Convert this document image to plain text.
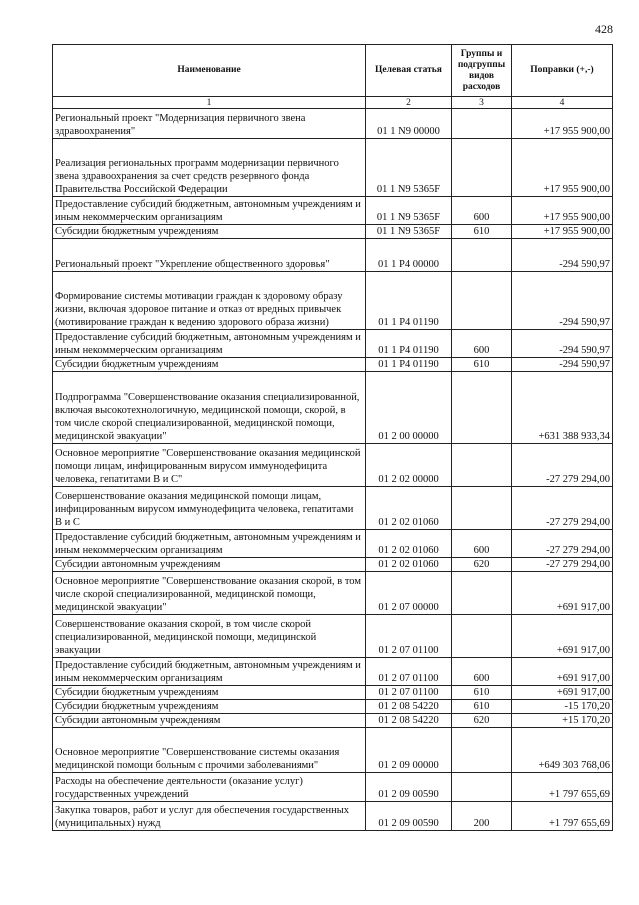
428
Наименование	Целевая статья	Группы и подгруппы видов расходов	Поправки (+,-)
1	2	3	4
Региональный проект "Модернизация первичного звена здравоохранения"	01 1 N9 00000		+17 955 900,00
Реализация региональных программ модернизации первичного звена здравоохранения за счет средств резервного фонда Правительства Российской Федерации	01 1 N9 5365F		+17 955 900,00
Предоставление субсидий бюджетным, автономным учреждениям и иным некоммерческим организациям	01 1 N9 5365F	600	+17 955 900,00
Субсидии бюджетным учреждениям	01 1 N9 5365F	610	+17 955 900,00
Региональный проект "Укрепление общественного здоровья"	01 1 P4 00000		-294 590,97
Формирование системы мотивации граждан к здоровому образу жизни, включая здоровое питание и отказ от вредных привычек (мотивирование граждан к ведению здорового образа жизни)	01 1 P4 01190		-294 590,97
Предоставление субсидий бюджетным, автономным учреждениям и иным некоммерческим организациям	01 1 P4 01190	600	-294 590,97
Субсидии бюджетным учреждениям	01 1 P4 01190	610	-294 590,97
Подпрограмма "Совершенствование оказания специализированной, включая высокотехнологичную, медицинской помощи, скорой, в том числе скорой специализированной, медицинской помощи, медицинской эвакуации"	01 2 00 00000		+631 388 933,34
Основное мероприятие "Совершенствование оказания медицинской помощи лицам, инфицированным вирусом иммунодефицита человека, гепатитами В и С"	01 2 02 00000		-27 279 294,00
Совершенствование оказания медицинской помощи лицам, инфицированным вирусом иммунодефицита человека, гепатитами В и С	01 2 02 01060		-27 279 294,00
Предоставление субсидий бюджетным, автономным учреждениям и иным некоммерческим организациям	01 2 02 01060	600	-27 279 294,00
Субсидии автономным учреждениям	01 2 02 01060	620	-27 279 294,00
Основное мероприятие "Совершенствование оказания скорой, в том числе скорой специализированной, медицинской помощи, медицинской эвакуации"	01 2 07 00000		+691 917,00
Совершенствование оказания скорой, в том числе скорой специализированной, медицинской помощи, медицинской эвакуации	01 2 07 01100		+691 917,00
Предоставление субсидий бюджетным, автономным учреждениям и иным некоммерческим организациям	01 2 07 01100	600	+691 917,00
Субсидии бюджетным учреждениям	01 2 07 01100	610	+691 917,00
Субсидии бюджетным учреждениям	01 2 08 54220	610	-15 170,20
Субсидии автономным учреждениям	01 2 08 54220	620	+15 170,20
Основное мероприятие "Совершенствование системы оказания медицинской помощи больным с прочими заболеваниями"	01 2 09 00000		+649 303 768,06
Расходы на обеспечение деятельности (оказание услуг) государственных учреждений	01 2 09 00590		+1 797 655,69
Закупка товаров, работ и услуг для обеспечения государственных (муниципальных) нужд	01 2 09 00590	200	+1 797 655,69
